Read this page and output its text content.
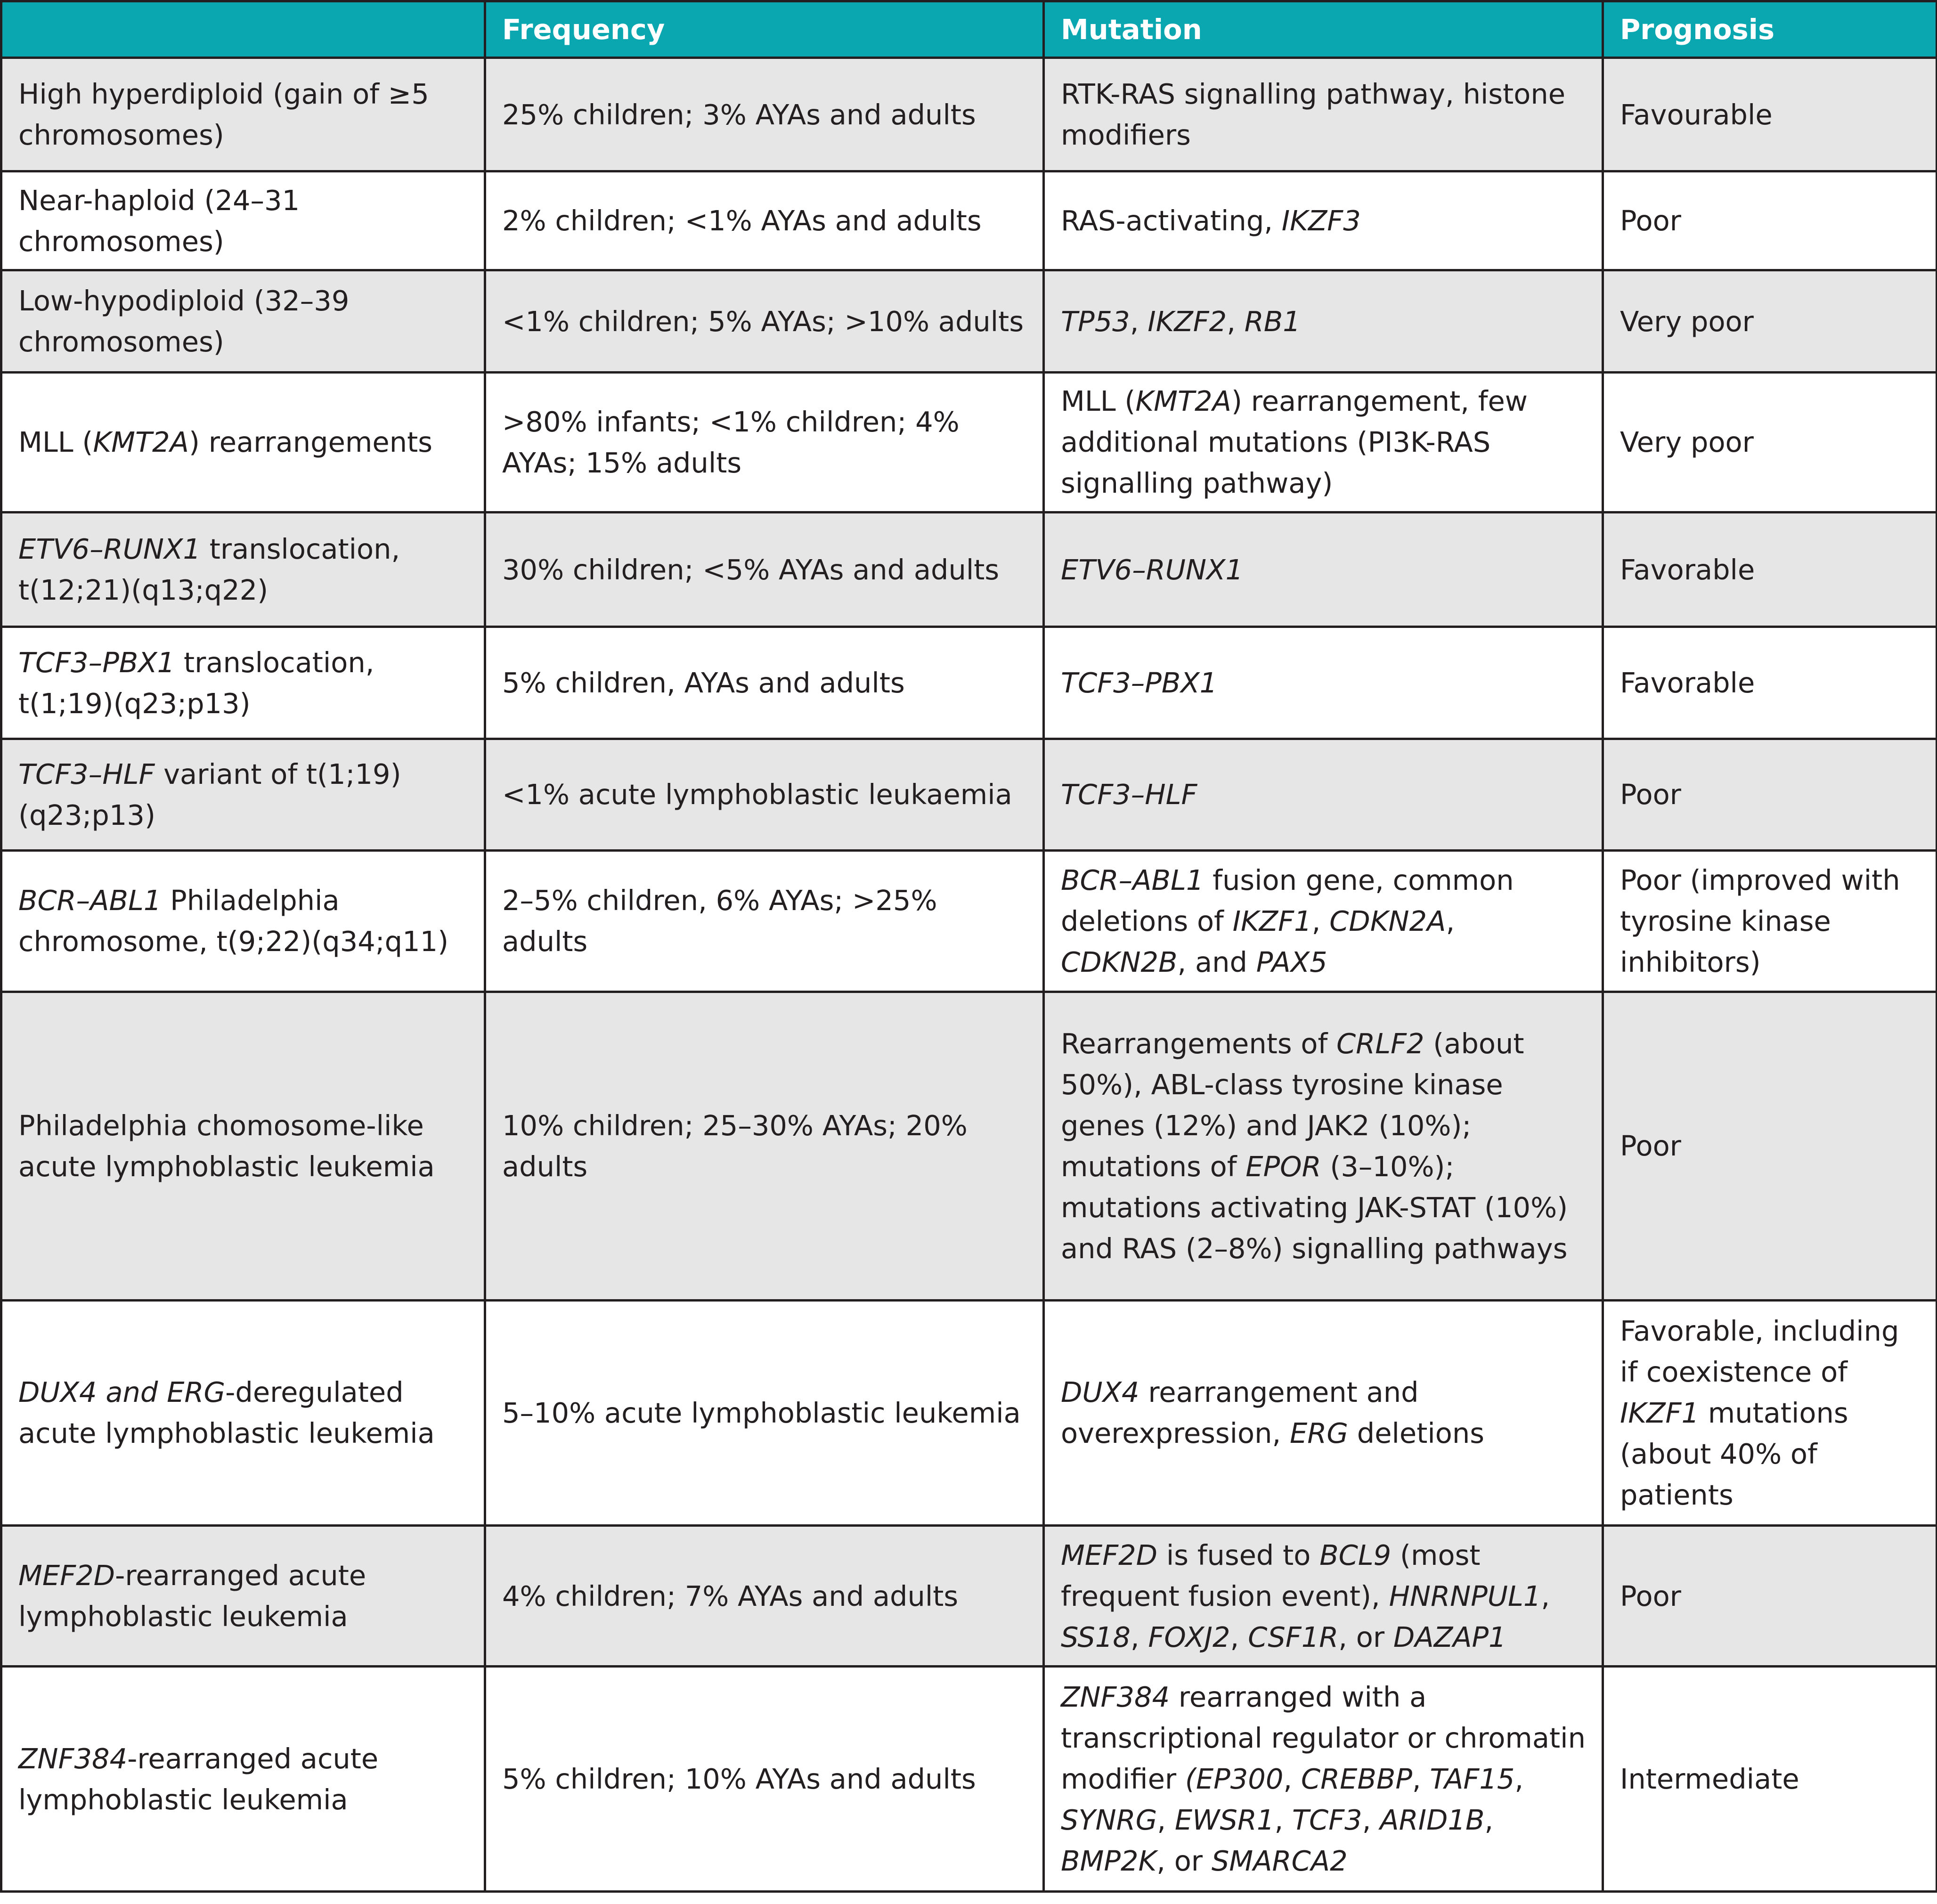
	Frequency	Mutation	Prognosis
High hyperdiploid (gain of ≥5 chromosomes)	25% children; 3% AYAs and adults	RTK-RAS signalling pathway, histone modifiers	Favourable
Near-haploid (24–31 chromosomes)	2% children; <1% AYAs and adults	RAS-activating, IKZF3	Poor
Low-hypodiploid (32–39 chromosomes)	<1% children; 5% AYAs; >10% adults	TP53, IKZF2, RB1	Very poor
MLL (KMT2A) rearrangements	>80% infants; <1% children; 4% AYAs; 15% adults	MLL (KMT2A) rearrangement, few additional mutations (PI3K-RAS signalling pathway)	Very poor
ETV6–RUNX1 translocation, t(12;21)(q13;q22)	30% children; <5% AYAs and adults	ETV6–RUNX1	Favorable
TCF3–PBX1 translocation, t(1;19)(q23;p13)	5% children, AYAs and adults	TCF3–PBX1	Favorable
TCF3–HLF variant of t(1;19)(q23;p13)	<1% acute lymphoblastic leukaemia	TCF3–HLF	Poor
BCR–ABL1 Philadelphia chromosome, t(9;22)(q34;q11)	2–5% children, 6% AYAs; >25% adults	BCR–ABL1 fusion gene, common deletions of IKZF1, CDKN2A, CDKN2B, and PAX5	Poor (improved with tyrosine kinase inhibitors)
Philadelphia chomosome-like acute lymphoblastic leukemia	10% children; 25–30% AYAs; 20% adults	Rearrangements of CRLF2 (about 50%), ABL-class tyrosine kinase genes (12%) and JAK2 (10%); mutations of EPOR (3–10%); mutations activating JAK-STAT (10%) and RAS (2–8%) signalling pathways	Poor
DUX4 and ERG-deregulated acute lymphoblastic leukemia	5–10% acute lymphoblastic leukemia	DUX4 rearrangement and overexpression, ERG deletions	Favorable, including if coexistence of IKZF1 mutations (about 40% of patients
MEF2D-rearranged acute lymphoblastic leukemia	4% children; 7% AYAs and adults	MEF2D is fused to BCL9 (most frequent fusion event), HNRNPUL1, SS18, FOXJ2, CSF1R, or DAZAP1	Poor
ZNF384-rearranged acute lymphoblastic leukemia	5% children; 10% AYAs and adults	ZNF384 rearranged with a transcriptional regulator or chromatin modifier (EP300, CREBBP, TAF15, SYNRG, EWSR1, TCF3, ARID1B, BMP2K, or SMARCA2	Intermediate
